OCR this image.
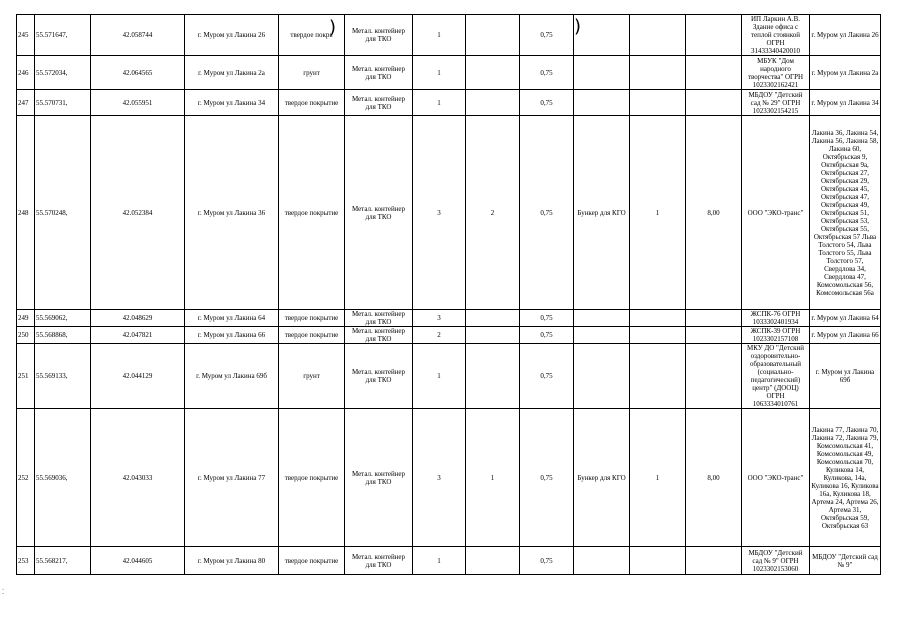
245	55.571647,	42.058744	г. Муром ул Лакина 26	твердое покрь	Метал. контейнер для ТКО	1		0,75				ИП Ларкин А.В. Здание офиса с теплой стоянкой ОГРН 31433340420010	г. Муром ул Лакина 26
246	55.572034,	42.064565	г. Муром ул Лакина 2а	грунт	Метал. контейнер для ТКО	1		0,75				МБУК "Дом народного творчества" ОГРН 1023302162421	г. Муром ул Лакина 2а
247	55.570731,	42.055951	г. Муром ул Лакина 34	твердое покрытие	Метал. контейнер для ТКО	1		0,75				МБДОУ "Детский сад № 29" ОГРН 1023302154215	г. Муром ул Лакина 34
248	55.570248,	42.052384	г. Муром ул Лакина 36	твердое покрытие	Метал. контейнер для ТКО	3	2	0,75	Бункер для КГО	1	8,00	ООО "ЭКО-транс"	Лакина 36, Лакина 54, Лакина 56, Лакина 58, Лакина 60, Октябрьская 9, Октябрьская 9а, Октябрьская 27, Октябрьская 29, Октябрьская 45, Октябрьская 47, Октябрьская 49, Октябрьская 51, Октябрьская 53, Октябрьская 55, Октябрьская 57 Льва Толстого 54, Льва Толстого 55, Льва Толстого 57, Свердлова 34, Свердлова 47, Комсомольская 56, Комсомольская 56а
249	55.569062,	42.048629	г. Муром ул Лакина 64	твердое покрытие	Метал. контейнер для ТКО	3		0,75				ЖСПК-76 ОГРН 1033302401934	г. Муром ул Лакина 64
250	55.568868,	42.047821	г. Муром ул Лакина 66	твердое покрытие	Метал. контейнер для ТКО	2		0,75				ЖСПК-39 ОГРН 1023302157108	г. Муром ул Лакина 66
251	55.569133,	42.044129	г. Муром ул Лакина 69б	грунт	Метал. контейнер для ТКО	1		0,75				МКУ ДО "Детский оздоровительно-образовательный (социально-педагогический) центр" (ДООЦ) ОГРН 1063334010761	г. Муром ул Лакина 69б
252	55.569036,	42.043033	г. Муром ул Лакина 77	твердое покрытие	Метал. контейнер для ТКО	3	1	0,75	Бункер для КГО	1	8,00	ООО "ЭКО-транс"	Лакина 77, Лакина 70, Лакина 72, Лакина 79, Комсомольская 41, Комсомольская 49, Комсомольская 70, Куликова 14, Куликова, 14а, Куликова 16, Куликова 16а, Куликова 18, Артема 24, Артема 26, Артема 31, Октябрьская 59, Октябрьская 63
253	55.568217,	42.044605	г. Муром ул Лакина 80	твердое покрытие	Метал. контейнер для ТКО	1		0,75				МБДОУ "Детский сад № 9" ОГРН 1023302153060	МБДОУ "Детский сад № 9"
)	)
⁚
